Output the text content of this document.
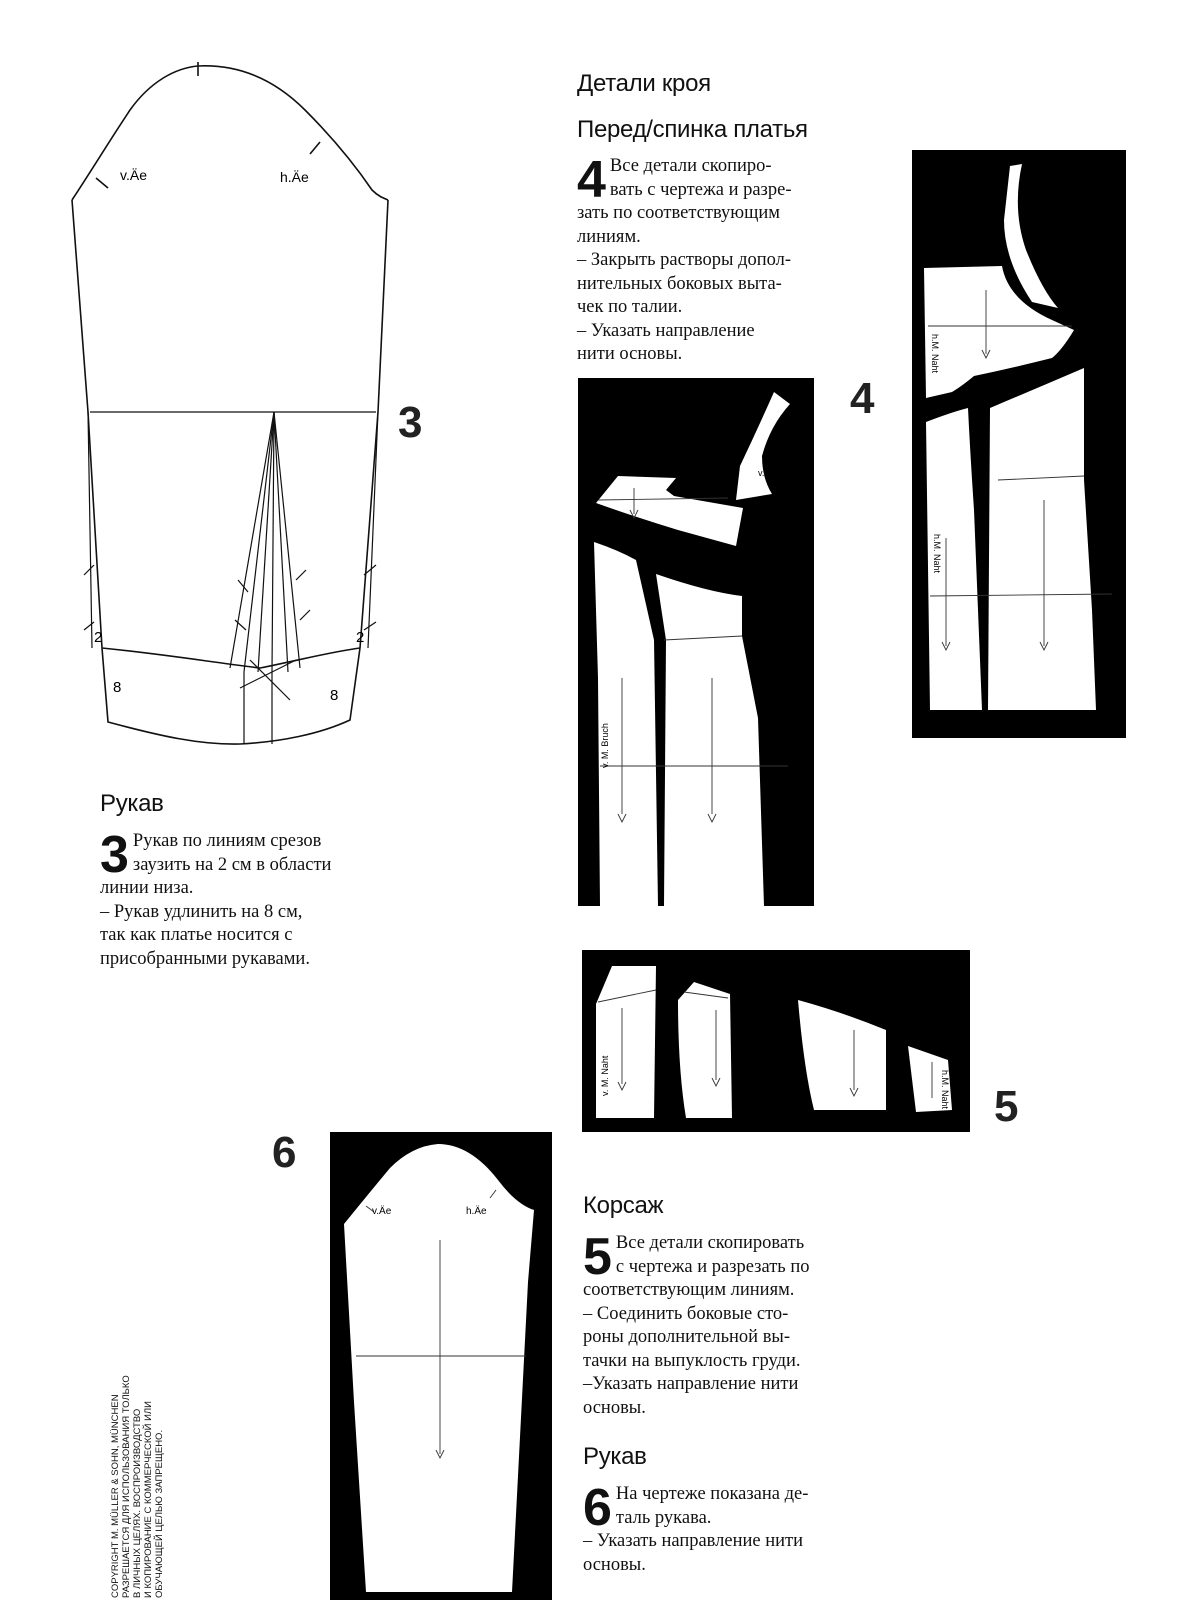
v.Äe	h.Äe
2	2
8	8
3
Рукав
3 Рукав по линиям срезов
заузить на 2 см в области
линии низа.
– Рукав удлинить на 8 см,
так как платье носится с
присобранными рукавами.
Детали кроя
Перед/спинка платья
4 Все детали скопиро-
вать с чертежа и разре-
зать по соответствующим
линиям.
– Закрыть растворы допол-
нительных боковых выта-
чек по талии.
– Указать направление
нити основы.
v. M. Bruch
v.Äe
h.M. Naht
h.M. Naht
4
v. M. Naht	h.M. Naht 5
Корсаж
5 Все детали скопировать
с чертежа и разрезать по
соответствующим линиям.
– Соединить боковые сто-
роны дополнительной вы-
тачки на выпуклость груди.
–Указать направление нити
основы.
v.Äe	h.Äe
6
Рукав
6 На чертеже показана де-
таль рукава.
– Указать направление нити
основы.
COPYRIGHT M. MÜLLER & SOHN, MÜNCHEN РАЗРЕШАЕТСЯ ДЛЯ ИСПОЛЬЗОВАНИЯ ТОЛЬКО В ЛИЧНЫХ ЦЕЛЯХ. ВОСПРОИЗВОДСТВО И КОПИРОВАНИЕ С КОММЕРЧЕСКОЙ ИЛИ ОБУЧАЮЩЕЙ ЦЕЛЬЮ ЗАПРЕЩЕНО.
